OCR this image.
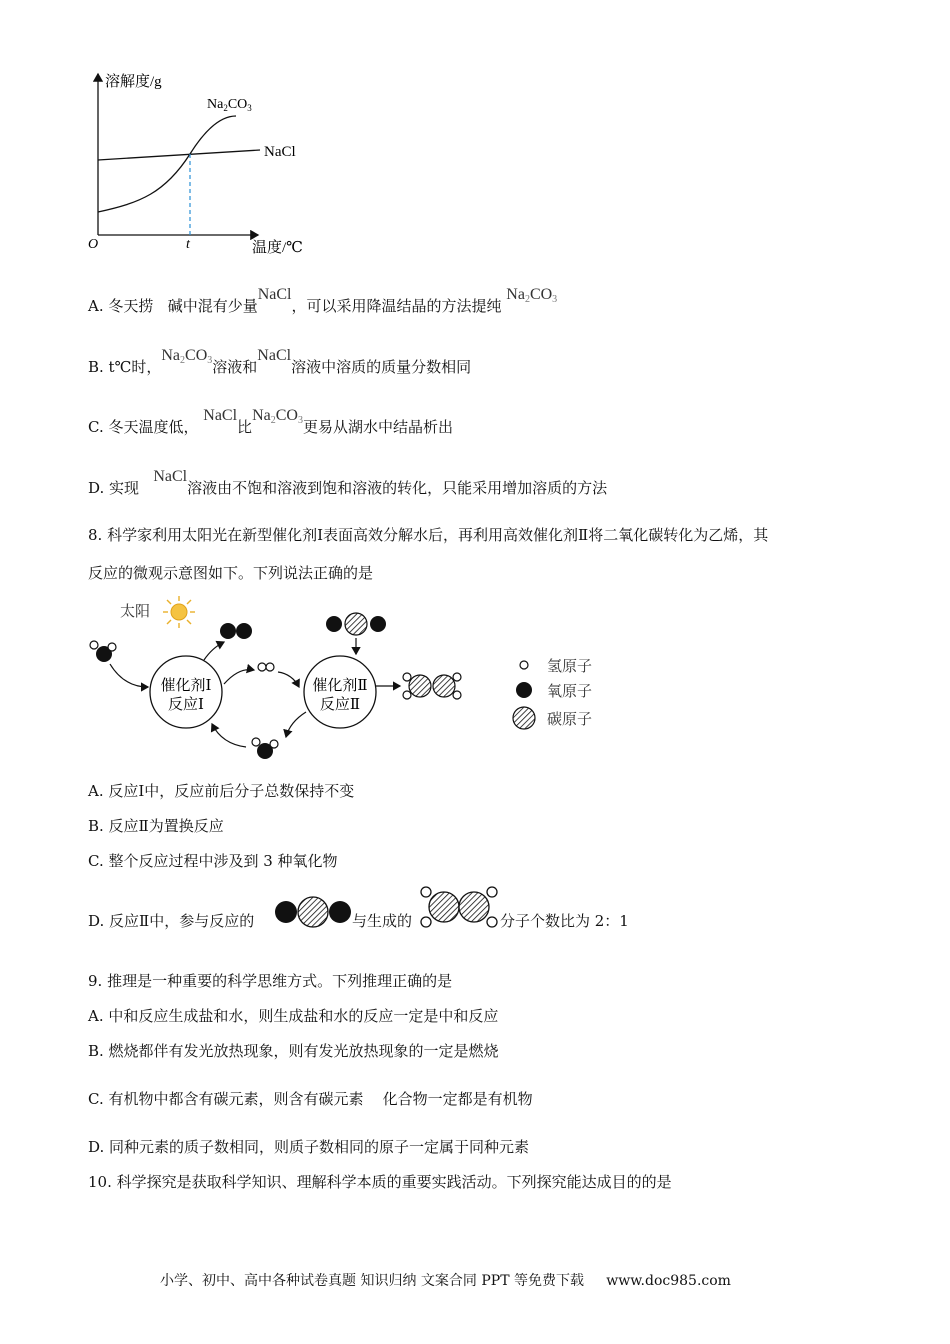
溶解度/g
温度/℃
O	t
$Na_2CO_3$
NaCl
A. 冬天捞 碱中混有少量NaCl，可以采用降温结晶的方法提纯 $Na_2CO_3$
B. t℃时，$Na_2CO_3$溶液和NaCl溶液中溶质的质量分数相同
C. 冬天温度低， NaCl比$Na_2CO_3$更易从湖水中结晶析出
D. 实现   NaCl溶液由不饱和溶液到饱和溶液的转化，只能采用增加溶质的方法
8. 科学家利用太阳光在新型催化剂Ⅰ表面高效分解水后，再利用高效催化剂Ⅱ将二氧化碳转化为乙烯，其
反应的微观示意图如下。下列说法正确的是
太阳
催化剂Ⅰ
反应Ⅰ
催化剂Ⅱ
反应Ⅱ
氢原子
氧原子
碳原子
A. 反应Ⅰ中，反应前后分子总数保持不变
B. 反应Ⅱ为置换反应
C. 整个反应过程中涉及到 3 种氧化物
D. 反应Ⅱ中，参与反应的	与生成的	分子个数比为 2：1
9. 推理是一种重要的科学思维方式。下列推理正确的是
A. 中和反应生成盐和水，则生成盐和水的反应一定是中和反应
B. 燃烧都伴有发光放热现象，则有发光放热现象的一定是燃烧
C. 有机物中都含有碳元素，则含有碳元素 化合物一定都是有机物
D. 同种元素的质子数相同，则质子数相同的原子一定属于同种元素
10. 科学探究是获取科学知识、理解科学本质的重要实践活动。下列探究能达成目的的是
小学、初中、高中各种试卷真题 知识归纳 文案合同 PPT 等免费下载 www.doc985.com
